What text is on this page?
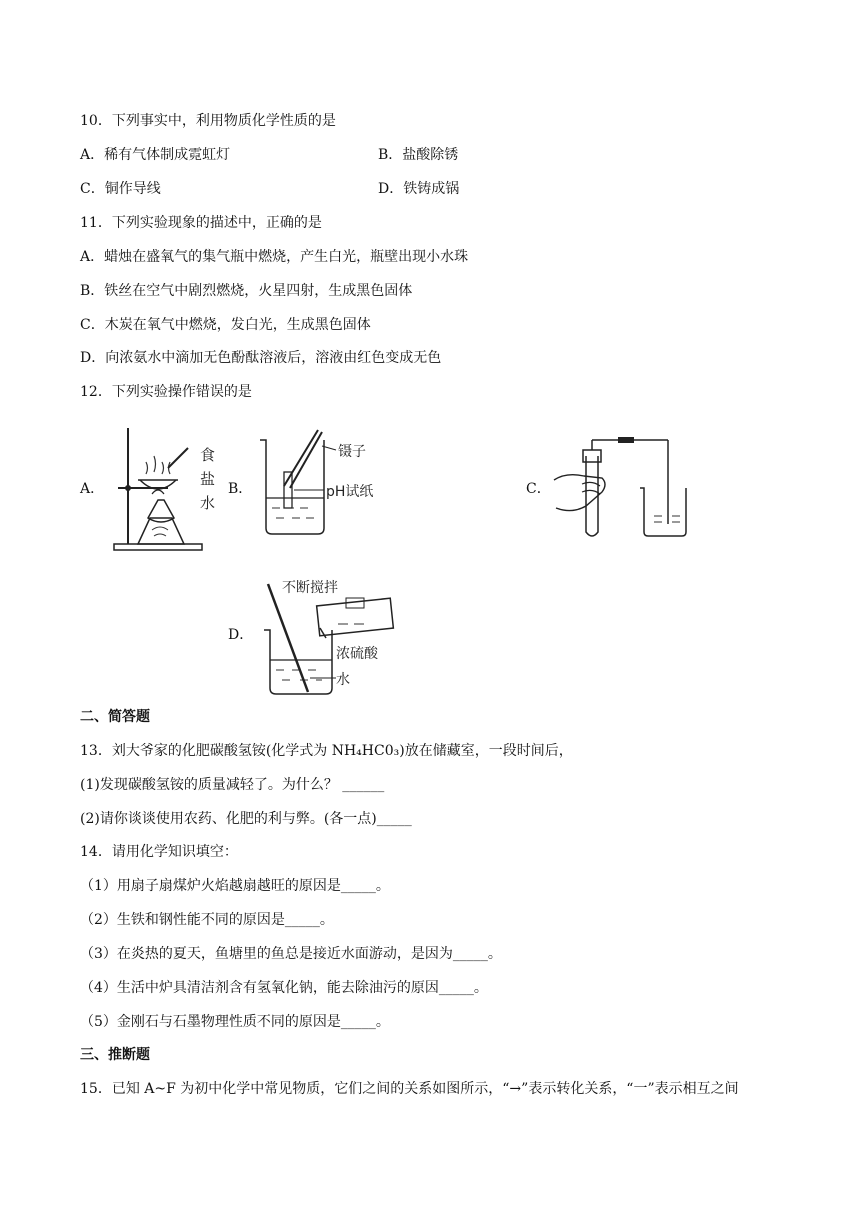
10．下列事实中，利用物质化学性质的是
A．稀有气体制成霓虹灯	B．盐酸除锈
C．铜作导线	D．铁铸成锅
11．下列实验现象的描述中，正确的是
A．蜡烛在盛氧气的集气瓶中燃烧，产生白光，瓶壁出现小水珠
B．铁丝在空气中剧烈燃烧，火星四射，生成黑色固体
C．木炭在氧气中燃烧，发白光，生成黑色固体
D．向浓氨水中滴加无色酚酞溶液后，溶液由红色变成无色
12．下列实验操作错误的是
A．
食
盐
水
B．
镊子
pH试纸	C．
D．
不断搅拌
浓硫酸
水
二、简答题
13．刘大爷家的化肥碳酸氢铵(化学式为 NH₄HC0₃)放在储藏室，一段时间后，
(1)发现碳酸氢铵的质量减轻了。为什么？ ______
(2)请你谈谈使用农药、化肥的利与弊。(各一点)_____
14．请用化学知识填空：
（1）用扇子扇煤炉火焰越扇越旺的原因是_____。
（2）生铁和钢性能不同的原因是_____。
（3）在炎热的夏天，鱼塘里的鱼总是接近水面游动，是因为_____。
（4）生活中炉具清洁剂含有氢氧化钠，能去除油污的原因_____。
（5）金刚石与石墨物理性质不同的原因是_____。
三、推断题
15．已知 A~F 为初中化学中常见物质，它们之间的关系如图所示，“→”表示转化关系，“一”表示相互之间
